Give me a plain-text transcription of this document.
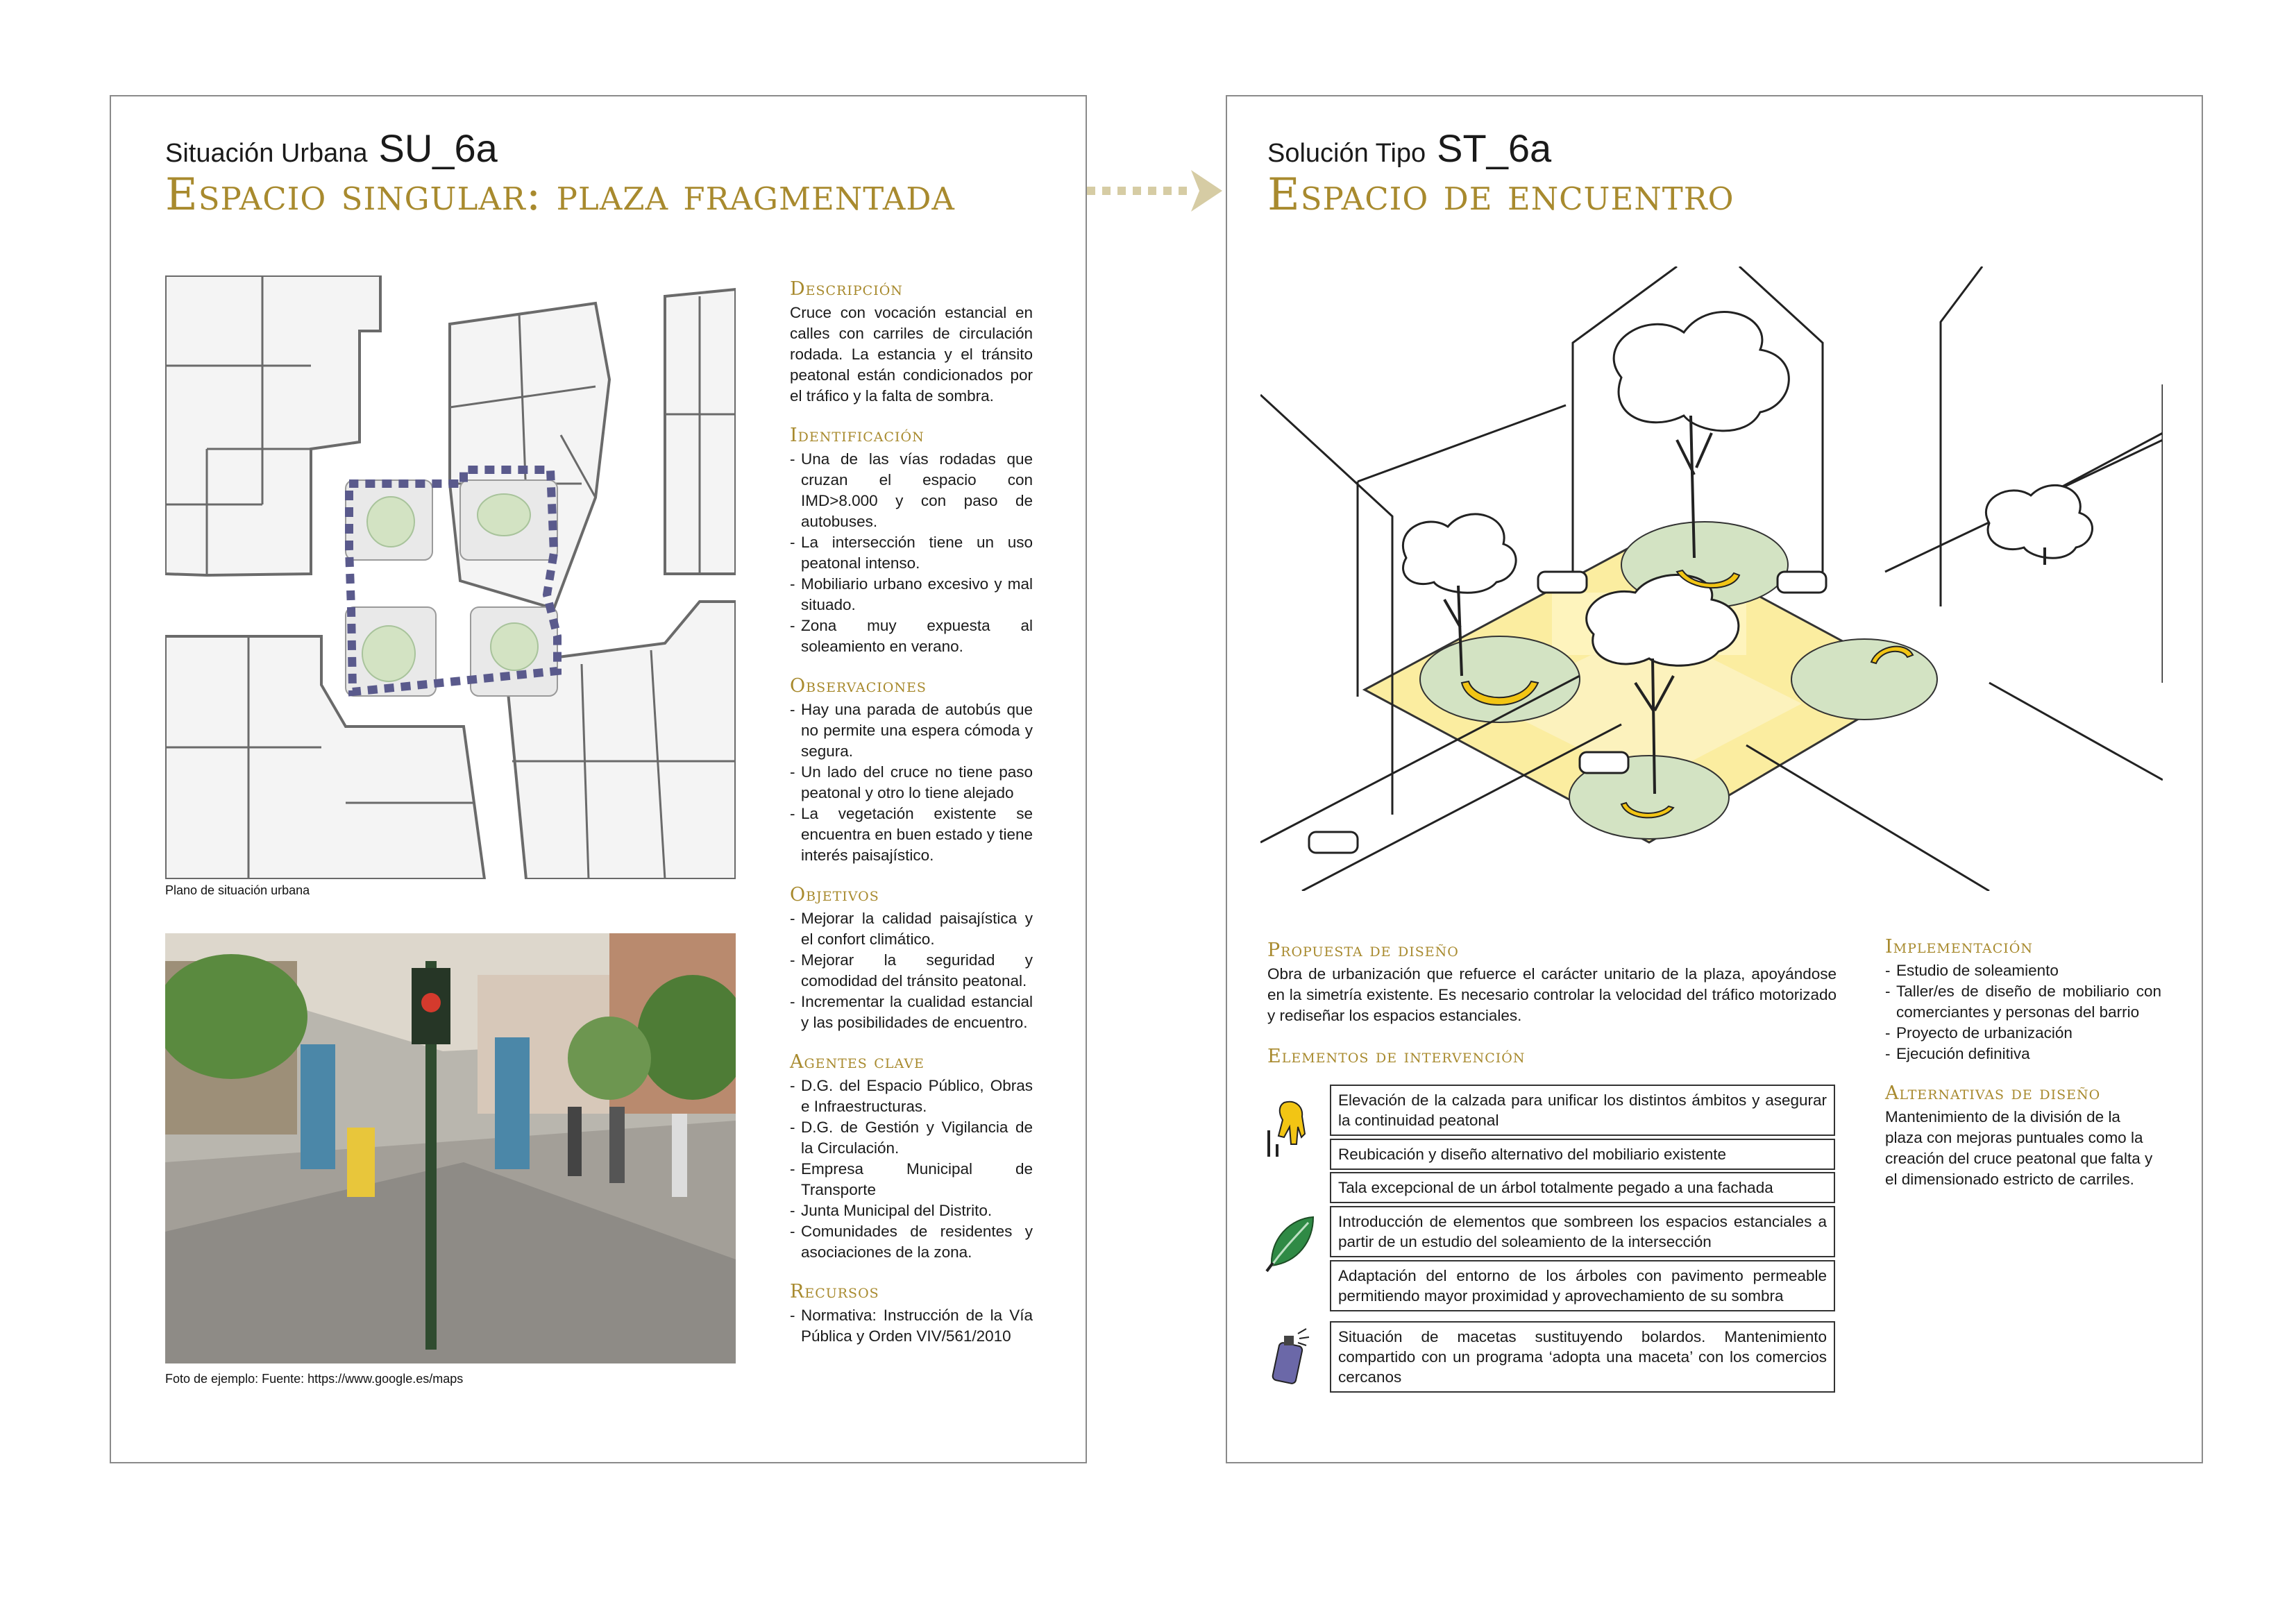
Situación Urbana SU_6a
Espacio singular: plaza fragmentada
Plano de situación urbana
Foto de ejemplo: Fuente: https://www.google.es/maps
Descripción
Cruce con vocación estancial en calles con carriles de circulación rodada. La estancia y el tránsito peatonal están condicionados por el tráfico y la falta de sombra.
Identificación
- Una de las vías rodadas que cruzan el espacio con IMD>8.000 y con paso de autobuses.
- La intersección tiene un uso peatonal intenso.
- Mobiliario urbano excesivo y mal situado.
- Zona muy expuesta al soleamiento en verano.
Observaciones
- Hay una parada de autobús que no permite una espera cómoda y segura.
- Un lado del cruce no tiene paso peatonal y otro lo tiene alejado
- La vegetación existente se encuentra en buen estado y tiene interés paisajístico.
Objetivos
- Mejorar la calidad paisajística y el confort climático.
- Mejorar la seguridad y comodidad del tránsito peatonal.
- Incrementar la cualidad estancial y las posibilidades de encuentro.
Agentes clave
- D.G. del Espacio Público, Obras e Infraestructuras.
- D.G. de Gestión y Vigilancia de la Circulación.
- Empresa Municipal de Transporte
- Junta Municipal del Distrito.
- Comunidades de residentes y asociaciones de la zona.
Recursos
- Normativa: Instrucción de la Vía Pública y Orden VIV/561/2010
Solución Tipo ST_6a
Espacio de encuentro
Propuesta de diseño
Obra de urbanización que refuerce el carácter unitario de la plaza, apoyándose en la simetría existente. Es necesario controlar la velocidad del tráfico motorizado y rediseñar los espacios estanciales.
Elementos de intervención
Elevación de la calzada para unificar los distintos ámbitos y asegurar la continuidad peatonal
Reubicación y diseño alternativo del mobiliario existente
Tala excepcional de un árbol totalmente pegado a una fachada
Introducción de elementos que sombreen los espacios estanciales a partir de un estudio del soleamiento de la intersección
Adaptación del entorno de los árboles con pavimento permeable permitiendo mayor proximidad y aprovechamiento de su sombra
Situación de macetas sustituyendo bolardos. Mantenimiento compartido con un programa ‘adopta una maceta’ con los comercios cercanos
Implementación
- Estudio de soleamiento
- Taller/es de diseño de mobiliario con comerciantes y personas del barrio
- Proyecto de urbanización
- Ejecución definitiva
Alternativas de diseño
Mantenimiento de la división de la plaza con mejoras puntuales como la creación del cruce peatonal que falta y el dimensionado estricto de carriles.
